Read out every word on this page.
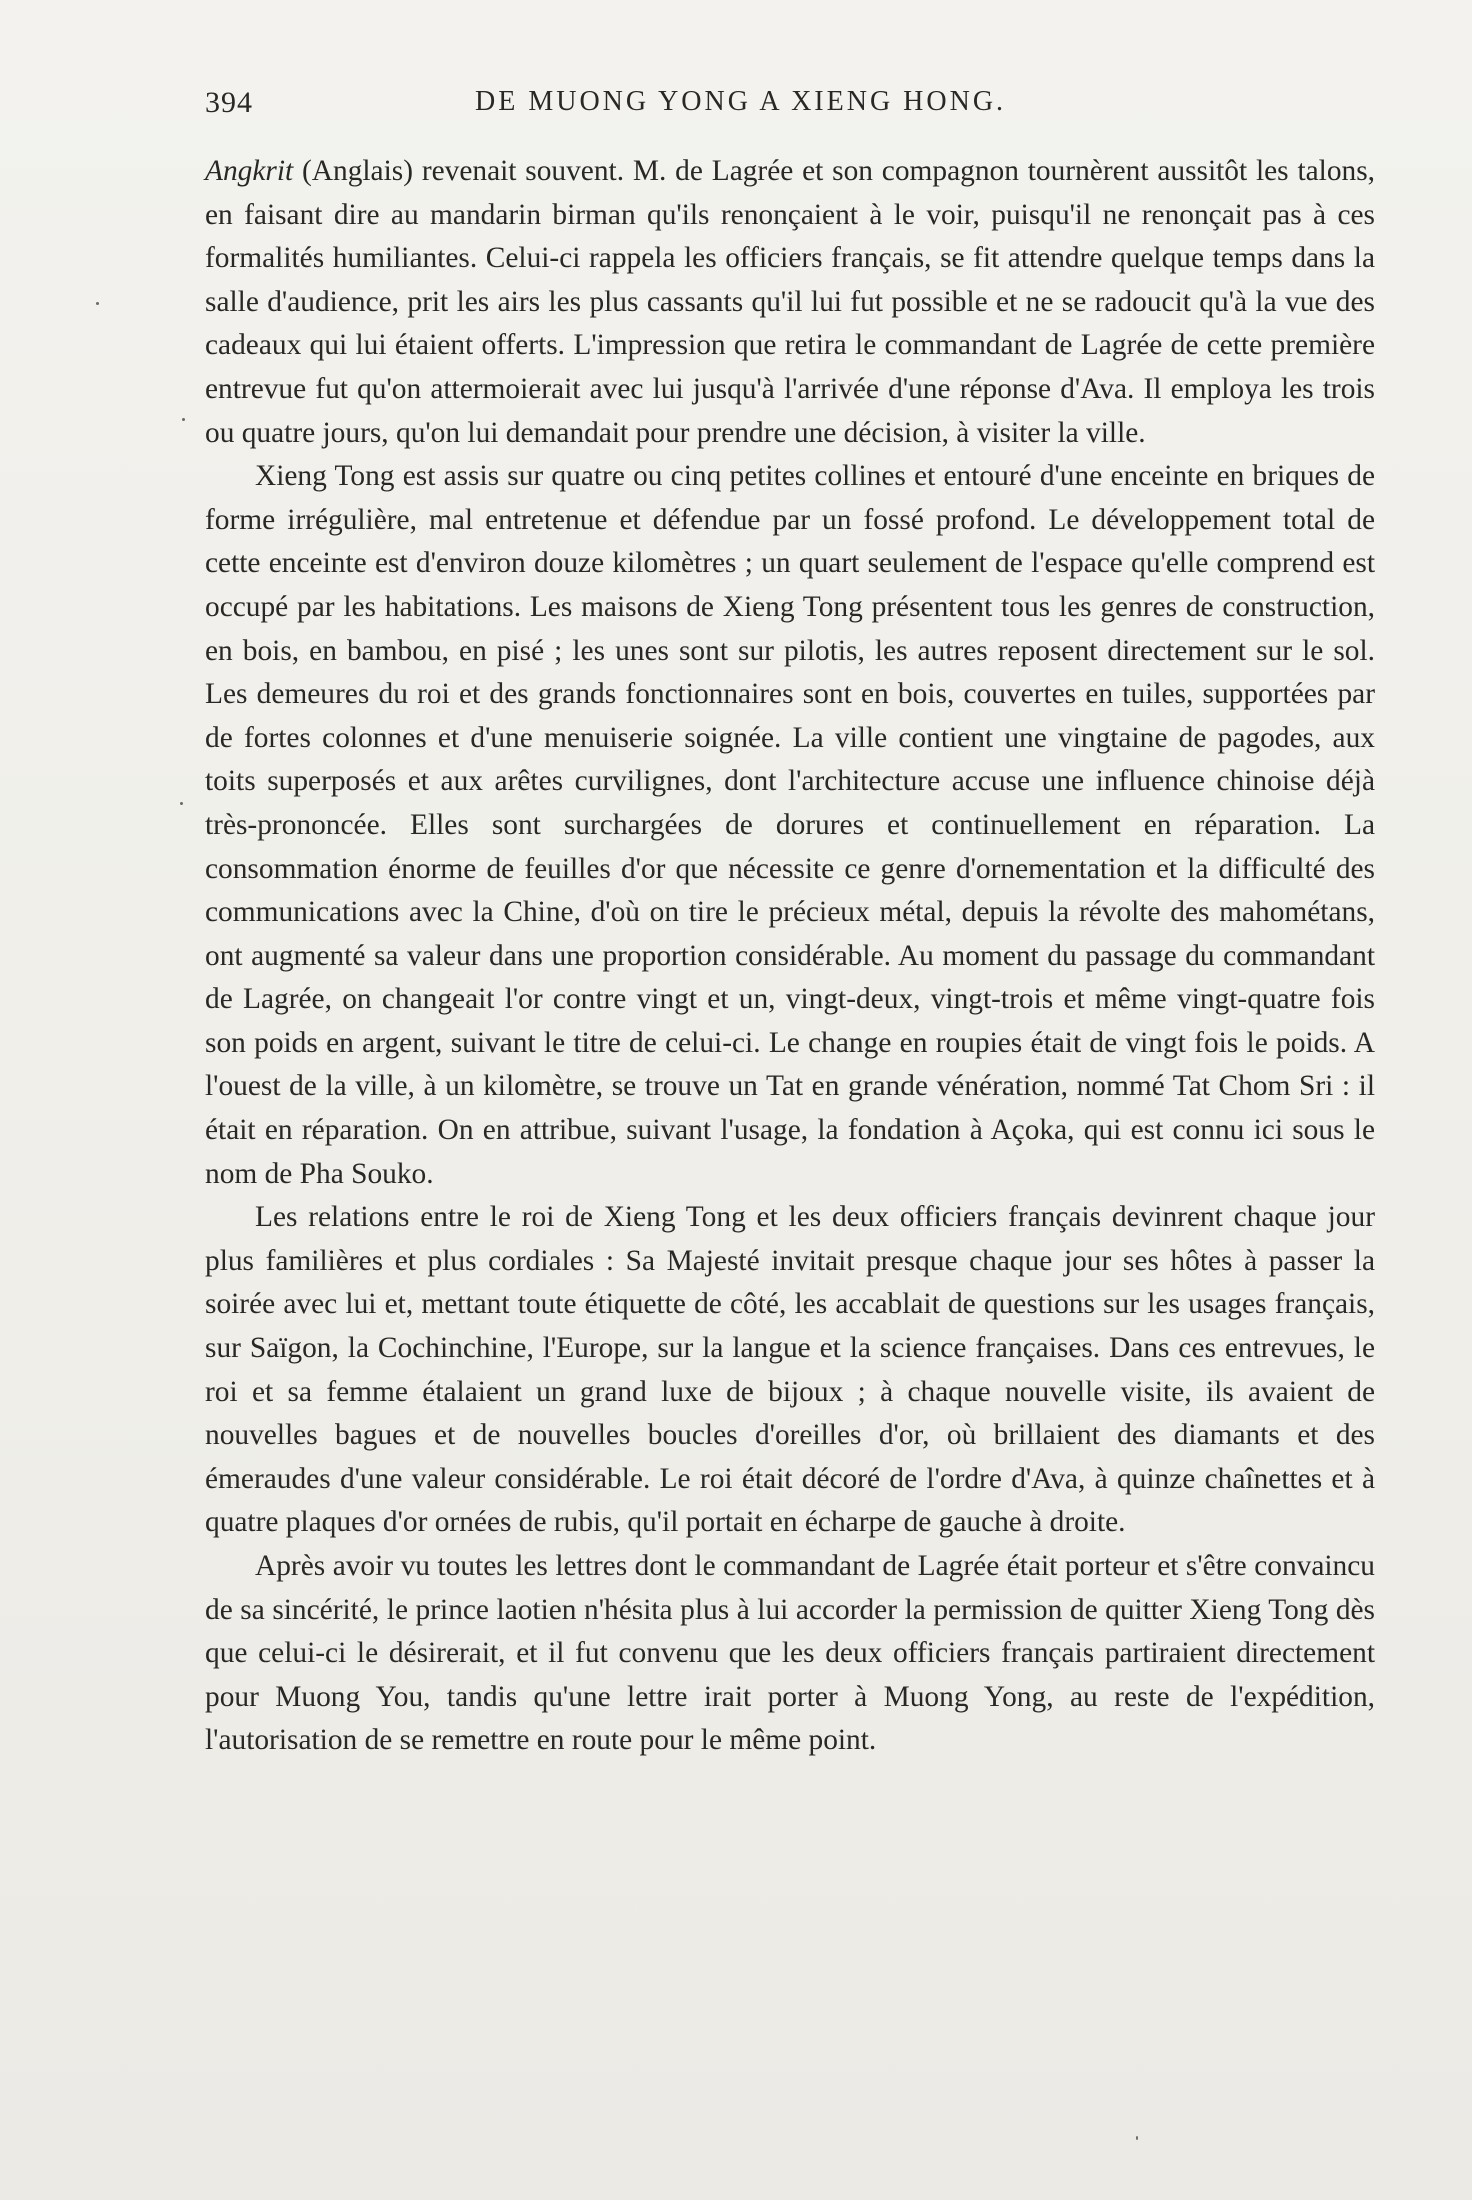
394	DE MUONG YONG A XIENG HONG.

Angkrit (Anglais) revenait souvent. M. de Lagrée et son compagnon tournèrent aussitôt les talons, en faisant dire au mandarin birman qu'ils renonçaient à le voir, puisqu'il ne renonçait pas à ces formalités humiliantes. Celui-ci rappela les officiers français, se fit attendre quelque temps dans la salle d'audience, prit les airs les plus cassants qu'il lui fut possible et ne se radoucit qu'à la vue des cadeaux qui lui étaient offerts. L'impression que retira le commandant de Lagrée de cette première entrevue fut qu'on attermoierait avec lui jusqu'à l'arrivée d'une réponse d'Ava. Il employa les trois ou quatre jours, qu'on lui demandait pour prendre une décision, à visiter la ville.

Xieng Tong est assis sur quatre ou cinq petites collines et entouré d'une enceinte en briques de forme irrégulière, mal entretenue et défendue par un fossé profond. Le développement total de cette enceinte est d'environ douze kilomètres ; un quart seulement de l'espace qu'elle comprend est occupé par les habitations. Les maisons de Xieng Tong présentent tous les genres de construction, en bois, en bambou, en pisé ; les unes sont sur pilotis, les autres reposent directement sur le sol. Les demeures du roi et des grands fonctionnaires sont en bois, couvertes en tuiles, supportées par de fortes colonnes et d'une menuiserie soignée. La ville contient une vingtaine de pagodes, aux toits superposés et aux arêtes curvilignes, dont l'architecture accuse une influence chinoise déjà très-prononcée. Elles sont surchargées de dorures et continuellement en réparation. La consommation énorme de feuilles d'or que nécessite ce genre d'ornementation et la difficulté des communications avec la Chine, d'où on tire le précieux métal, depuis la révolte des mahométans, ont augmenté sa valeur dans une proportion considérable. Au moment du passage du commandant de Lagrée, on changeait l'or contre vingt et un, vingt-deux, vingt-trois et même vingt-quatre fois son poids en argent, suivant le titre de celui-ci. Le change en roupies était de vingt fois le poids. A l'ouest de la ville, à un kilomètre, se trouve un Tat en grande vénération, nommé Tat Chom Sri : il était en réparation. On en attribue, suivant l'usage, la fondation à Açoka, qui est connu ici sous le nom de Pha Souko.

Les relations entre le roi de Xieng Tong et les deux officiers français devinrent chaque jour plus familières et plus cordiales : Sa Majesté invitait presque chaque jour ses hôtes à passer la soirée avec lui et, mettant toute étiquette de côté, les accablait de questions sur les usages français, sur Saïgon, la Cochinchine, l'Europe, sur la langue et la science françaises. Dans ces entrevues, le roi et sa femme étalaient un grand luxe de bijoux ; à chaque nouvelle visite, ils avaient de nouvelles bagues et de nouvelles boucles d'oreilles d'or, où brillaient des diamants et des émeraudes d'une valeur considérable. Le roi était décoré de l'ordre d'Ava, à quinze chaînettes et à quatre plaques d'or ornées de rubis, qu'il portait en écharpe de gauche à droite.

Après avoir vu toutes les lettres dont le commandant de Lagrée était porteur et s'être convaincu de sa sincérité, le prince laotien n'hésita plus à lui accorder la permission de quitter Xieng Tong dès que celui-ci le désirerait, et il fut convenu que les deux officiers français partiraient directement pour Muong You, tandis qu'une lettre irait porter à Muong Yong, au reste de l'expédition, l'autorisation de se remettre en route pour le même point.
